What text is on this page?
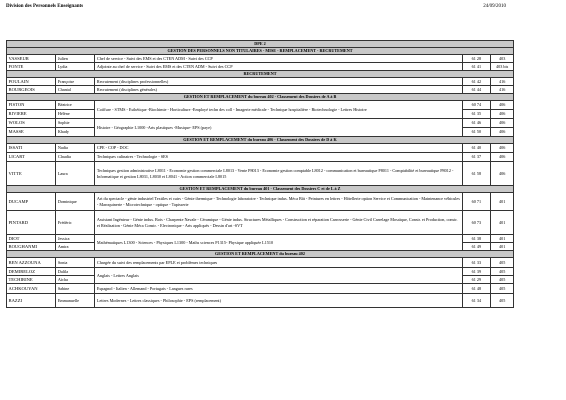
Division des Personnels Enseignants	24/09/2010
DPE 2				
GESTION DES PERSONNELS NON TITULAIRES - MISE - REMPLACEMENT - RECRUTEMENT				
VASSEUR	Julien	Chef de service - Suivi des EMS et des CTEN ADM - Suivi des CCP	61 28	403
FONTE	Lydia	Adjointe au chef de service - Suivi des EMS et des CTEN ADM - Suivi des CCP	61 41	403 bis
RECRUTEMENT				
POULAIN	Françoise	Recrutement (disciplines professionnelles)	61 42	416
BOURGEOIS	Chantal	Recrutement (disciplines générales)	61 44	416
GESTION ET REMPLACEMENT du bureau 402 - Classement des Dossiers de A à B				
FISTON	Béatrice	Coiffure - STMS - Esthétique -Biochimie - Horticulture -Employé techn des coll - Imagerie médicale - Technique hospitalière - Biotechnologie - Lettres Histoire	60 74	406
RIVIERE	Hélène		61 35	406
WOLOS	Sophie	Histoire - Géographie L1000 -Arts plastiques -Musique- EPS (paye)	61 46	406
MASSE	Khady		61 50	406
GESTION ET REMPLACEMENT du bureau 406 - Classement des Dossiers de D à K				
ISSATI	Nadia	CPE - COP - DOC	61 40	406
LICART	Claudia	Techniques culinaires - Technologie - SES	61 37	406
VITTE	Laura	Techniques gestion administrative L8011 - Economie gestion commerciale L8013 - Vente P8013 - Economie gestion comptable L8012 - communication et bureautique P8011 - Comptabilité et bureautique P8012 - Informatique et gestion L8031, L8030 et L8041 - Action commerciale L8015	61 58	406
GESTION ET REMPLACEMENT du bureau 401 - Classement des Dossiers C et de L à Z				
DUCAMP	Dominique	Art du spectacle - génie industriel Textiles et cuirs - Génie thermique - Technologie laboratoire - Technique indus. Méca Bât - Peintures en lettres - Hôtellerie option Service et Communication - Maintenance véhicules - Maroquinerie - Microtechnique - optique - Tapisserie	60 71	401
PINTARD	Frédéric	Assistant Ingénieur - Génie indus. Bois - Charpente Navale - Céramique - Génie indus. Structures Métalliques - Construction et réparation Carrosserie - Génie Civil Carrelage Mosaïque, Constr. et Production, constr. et Réalisation - Génie Méca Constr. - Electronique - Arts appliqués - Dessin d'art -SVT	60 73	401
DIOT	Jessica	Mathématiques L1300 - Sciences - Physiques L1300 - Maths sciences P1315- Physique appliquée L1510	61 38	401
BOUGHANMI	Amira		61 49	401
GESTION ET REMPLACEMENT du bureau 402				
BEN AZZOUNA	Sonia	Chargée du suivi des remplacements par EPLE et problèmes techniques	61 33	405
DEMIRELOZ	Dalila	Anglais - Lettres Anglais	61 39	405
TECHIRINE	Aïcha		61 29	405
ACHKOUYAN	Sabine	Espagnol - Italien - Allemand - Portugais - Langues rares	61 48	405
BAZZI	Emmanuelle	Lettres Modernes - Lettres classiques - Philosophie - EPS (remplacement)	61 34	405
